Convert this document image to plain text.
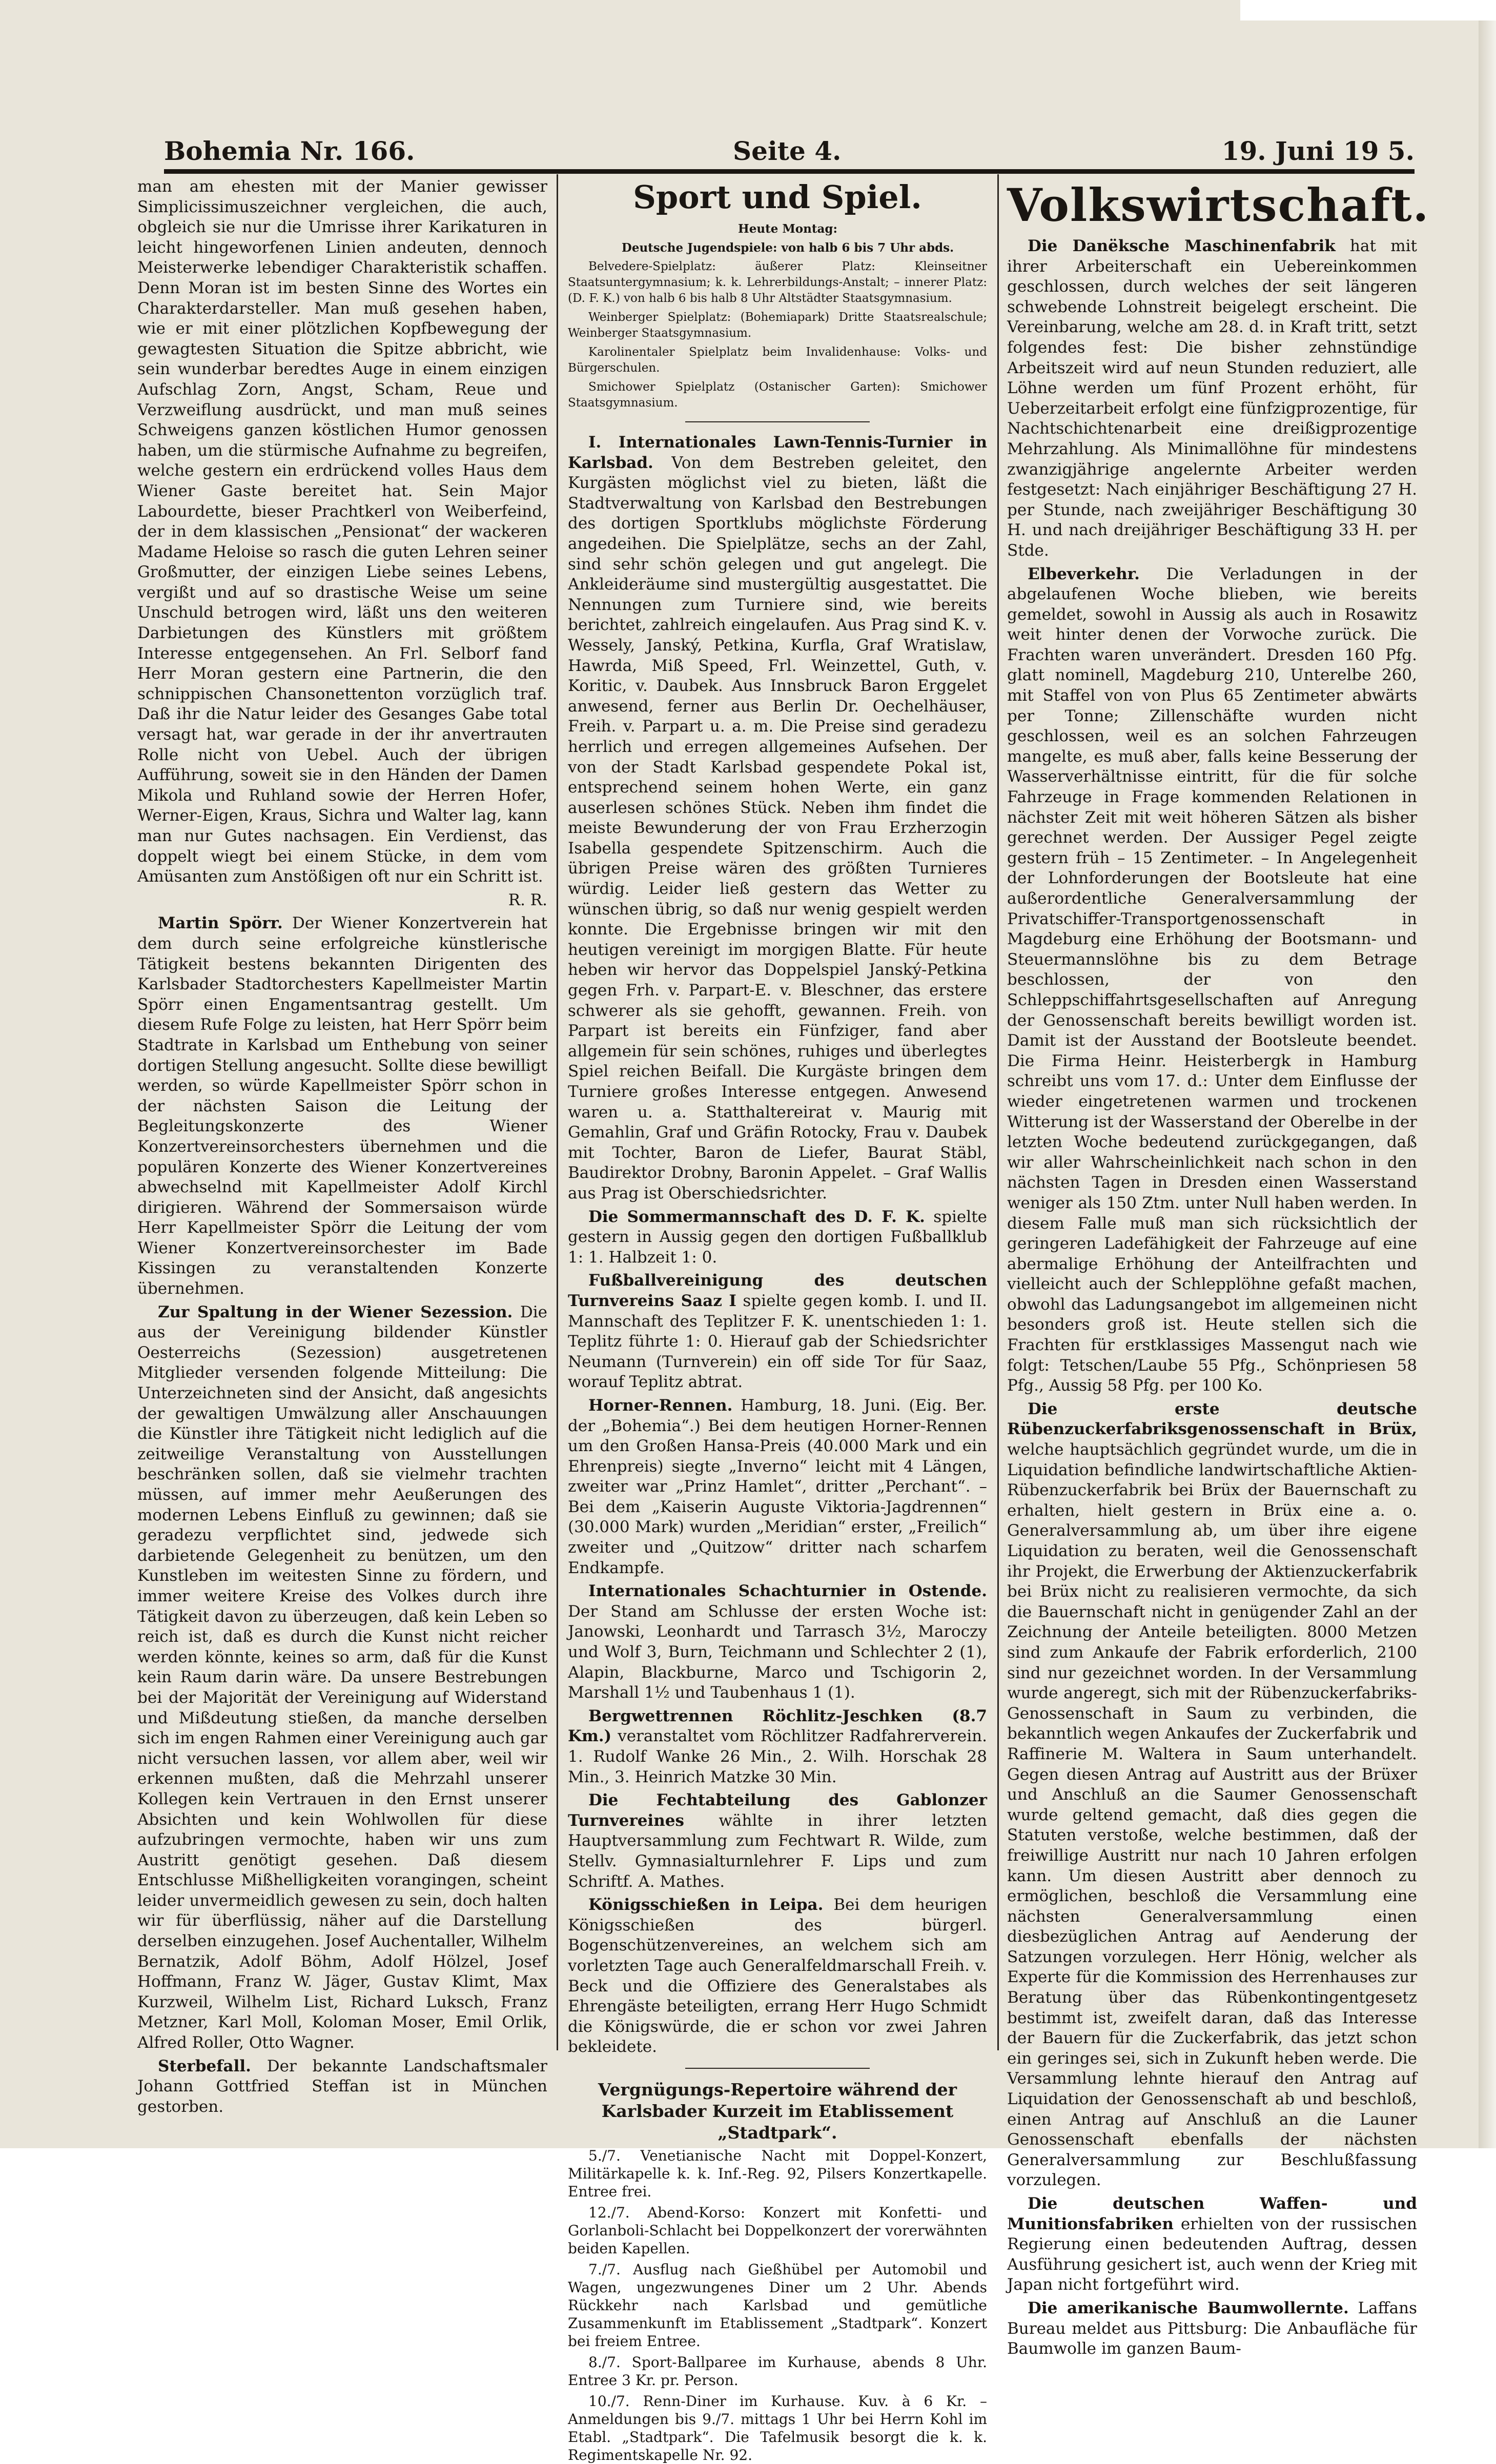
Bohemia Nr. 166.	Seite 4.	19. Juni 19 5.

man am ehesten mit der Manier gewisser Simplicissimuszeichner vergleichen, die auch, obgleich sie nur die Umrisse ihrer Karikaturen in leicht hingeworfenen Linien andeuten, dennoch Meisterwerke lebendiger Charakteristik schaffen. Denn Moran ist im besten Sinne des Wortes ein Charakterdarsteller. Man muß gesehen haben, wie er mit einer plötzlichen Kopfbewegung der gewagtesten Situation die Spitze abbricht, wie sein wunderbar beredtes Auge in einem einzigen Aufschlag Zorn, Angst, Scham, Reue und Verzweiflung ausdrückt, und man muß seines Schweigens ganzen köstlichen Humor genossen haben, um die stürmische Aufnahme zu begreifen, welche gestern ein erdrückend volles Haus dem Wiener Gaste bereitet hat. Sein Major Labourdette, bieser Prachtkerl von Weiberfeind, der in dem klassischen „Pensionat“ der wackeren Madame Heloise so rasch die guten Lehren seiner Großmutter, der einzigen Liebe seines Lebens, vergißt und auf so drastische Weise um seine Unschuld betrogen wird, läßt uns den weiteren Darbietungen des Künstlers mit größtem Interesse entgegensehen. An Frl. Selborf fand Herr Moran gestern eine Partnerin, die den schnippischen Chansonettenton vorzüglich traf. Daß ihr die Natur leider des Gesanges Gabe total versagt hat, war gerade in der ihr anvertrauten Rolle nicht von Uebel. Auch der übrigen Aufführung, soweit sie in den Händen der Damen Mikola und Ruhland sowie der Herren Hofer, Werner-Eigen, Kraus, Sichra und Walter lag, kann man nur Gutes nachsagen. Ein Verdienst, das doppelt wiegt bei einem Stücke, in dem vom Amüsanten zum Anstößigen oft nur ein Schritt ist.

R. R.

Martin Spörr. Der Wiener Konzertverein hat dem durch seine erfolgreiche künstlerische Tätigkeit bestens bekannten Dirigenten des Karlsbader Stadtorchesters Kapellmeister Martin Spörr einen Engamentsantrag gestellt. Um diesem Rufe Folge zu leisten, hat Herr Spörr beim Stadtrate in Karlsbad um Enthebung von seiner dortigen Stellung angesucht. Sollte diese bewilligt werden, so würde Kapellmeister Spörr schon in der nächsten Saison die Leitung der Begleitungskonzerte des Wiener Konzertvereinsorchesters übernehmen und die populären Konzerte des Wiener Konzertvereines abwechselnd mit Kapellmeister Adolf Kirchl dirigieren. Während der Sommersaison würde Herr Kapellmeister Spörr die Leitung der vom Wiener Konzertvereinsorchester im Bade Kissingen zu veranstaltenden Konzerte übernehmen.

Zur Spaltung in der Wiener Sezession. Die aus der Vereinigung bildender Künstler Oesterreichs (Sezession) ausgetretenen Mitglieder versenden folgende Mitteilung: Die Unterzeichneten sind der Ansicht, daß angesichts der gewaltigen Umwälzung aller Anschauungen die Künstler ihre Tätigkeit nicht lediglich auf die zeitweilige Veranstaltung von Ausstellungen beschränken sollen, daß sie vielmehr trachten müssen, auf immer mehr Aeußerungen des modernen Lebens Einfluß zu gewinnen; daß sie geradezu verpflichtet sind, jedwede sich darbietende Gelegenheit zu benützen, um den Kunstleben im weitesten Sinne zu fördern, und immer weitere Kreise des Volkes durch ihre Tätigkeit davon zu überzeugen, daß kein Leben so reich ist, daß es durch die Kunst nicht reicher werden könnte, keines so arm, daß für die Kunst kein Raum darin wäre. Da unsere Bestrebungen bei der Majorität der Vereinigung auf Widerstand und Mißdeutung stießen, da manche derselben sich im engen Rahmen einer Vereinigung auch gar nicht versuchen lassen, vor allem aber, weil wir erkennen mußten, daß die Mehrzahl unserer Kollegen kein Vertrauen in den Ernst unserer Absichten und kein Wohlwollen für diese aufzubringen vermochte, haben wir uns zum Austritt genötigt gesehen. Daß diesem Entschlusse Mißhelligkeiten vorangingen, scheint leider unvermeidlich gewesen zu sein, doch halten wir für überflüssig, näher auf die Darstellung derselben einzugehen. Josef Auchentaller, Wilhelm Bernatzik, Adolf Böhm, Adolf Hölzel, Josef Hoffmann, Franz W. Jäger, Gustav Klimt, Max Kurzweil, Wilhelm List, Richard Luksch, Franz Metzner, Karl Moll, Koloman Moser, Emil Orlik, Alfred Roller, Otto Wagner.

Sterbefall. Der bekannte Landschaftsmaler Johann Gottfried Steffan ist in München gestorben.

Sport und Spiel.

Heute Montag:

Deutsche Jugendspiele: von halb 6 bis 7 Uhr abds.

Belvedere-Spielplatz: äußerer Platz: Kleinseitner Staatsuntergymnasium; k. k. Lehrerbildungs-Anstalt; – innerer Platz: (D. F. K.) von halb 6 bis halb 8 Uhr Altstädter Staatsgymnasium.

Weinberger Spielplatz: (Bohemiapark) Dritte Staatsrealschule; Weinberger Staatsgymnasium.

Karolinentaler Spielplatz beim Invalidenhause: Volks- und Bürgerschulen.

Smichower Spielplatz (Ostanischer Garten): Smichower Staatsgymnasium.

I. Internationales Lawn-Tennis-Turnier in Karlsbad. Von dem Bestreben geleitet, den Kurgästen möglichst viel zu bieten, läßt die Stadtverwaltung von Karlsbad den Bestrebungen des dortigen Sportklubs möglichste Förderung angedeihen. Die Spielplätze, sechs an der Zahl, sind sehr schön gelegen und gut angelegt. Die Ankleideräume sind mustergültig ausgestattet. Die Nennungen zum Turniere sind, wie bereits berichtet, zahlreich eingelaufen. Aus Prag sind K. v. Wessely, Janský, Petkina, Kurfla, Graf Wratislaw, Hawrda, Miß Speed, Frl. Weinzettel, Guth, v. Koritic, v. Daubek. Aus Innsbruck Baron Erggelet anwesend, ferner aus Berlin Dr. Oechelhäuser, Freih. v. Parpart u. a. m. Die Preise sind geradezu herrlich und erregen allgemeines Aufsehen. Der von der Stadt Karlsbad gespendete Pokal ist, entsprechend seinem hohen Werte, ein ganz auserlesen schönes Stück. Neben ihm findet die meiste Bewunderung der von Frau Erzherzogin Isabella gespendete Spitzenschirm. Auch die übrigen Preise wären des größten Turnieres würdig. Leider ließ gestern das Wetter zu wünschen übrig, so daß nur wenig gespielt werden konnte. Die Ergebnisse bringen wir mit den heutigen vereinigt im morgigen Blatte. Für heute heben wir hervor das Doppelspiel Janský-Petkina gegen Frh. v. Parpart-E. v. Bleschner, das ersterе schwerer als sie gehofft, gewannen. Freih. von Parpart ist bereits ein Fünfziger, fand aber allgemein für sein schönes, ruhiges und überlegtes Spiel reichen Beifall. Die Kurgäste bringen dem Turniere großes Interesse entgegen. Anwesend waren u. a. Statthaltereirat v. Maurig mit Gemahlin, Graf und Gräfin Rotocky, Frau v. Daubek mit Tochter, Baron de Liefer, Baurat Stäbl, Baudirektor Drobny, Baronin Appelet. – Graf Wallis aus Prag ist Oberschiedsrichter.

Die Sommermannschaft des D. F. K. spielte gestern in Aussig gegen den dortigen Fußballklub 1: 1. Halbzeit 1: 0.

Fußballvereinigung des deutschen Turnvereins Saaz I spielte gegen komb. I. und II. Mannschaft des Teplitzer F. K. unentschieden 1: 1. Teplitz führte 1: 0. Hierauf gab der Schiedsrichter Neumann (Turnverein) ein off side Tor für Saaz, worauf Teplitz abtrat.

Horner-Rennen. Hamburg, 18. Juni. (Eig. Ber. der „Bohemia“.) Bei dem heutigen Horner-Rennen um den Großen Hansa-Preis (40.000 Mark und ein Ehrenpreis) siegte „Inverno“ leicht mit 4 Längen, zweiter war „Prinz Hamlet“, dritter „Perchant“. – Bei dem „Kaiserin Auguste Viktoria-Jagdrennen“ (30.000 Mark) wurden „Meridian“ erster, „Freilich“ zweiter und „Quitzow“ dritter nach scharfem Endkampfe.

Internationales Schachturnier in Ostende. Der Stand am Schlusse der ersten Woche ist: Janowski, Leonhardt und Tarrasch 3½, Maroczy und Wolf 3, Burn, Teichmann und Schlechter 2 (1), Alapin, Blackburne, Marco und Tschigorin 2, Marshall 1½ und Taubenhaus 1 (1).

Bergwettrennen Röchlitz-Jeschken (8.7 Km.) veranstaltet vom Röchlitzer Radfahrerverein. 1. Rudolf Wanke 26 Min., 2. Wilh. Horschak 28 Min., 3. Heinrich Matzke 30 Min.

Die Fechtabteilung des Gablonzer Turnvereines wählte in ihrer letzten Hauptversammlung zum Fechtwart R. Wilde, zum Stellv. Gymnasialturnlehrer F. Lips und zum Schriftf. A. Mathes.

Königsschießen in Leipa. Bei dem heurigen Königsschießen des bürgerl. Bogenschützenvereines, an welchem sich am vorletzten Tage auch Generalfeldmarschall Freih. v. Beck und die Offiziere des Generalstabes als Ehrengäste beteiligten, errang Herr Hugo Schmidt die Königswürde, die er schon vor zwei Jahren bekleidete.

Vergnügungs-Repertoire während der Karlsbader Kurzeit im Etablissement „Stadtpark“.

5./7. Venetianische Nacht mit Doppel-Konzert, Militärkapelle k. k. Inf.-Reg. 92, Pilsers Konzertkapelle. Entree frei.

12./7. Abend-Korso: Konzert mit Konfetti- und Gorlanboli-Schlacht bei Doppelkonzert der vorerwähnten beiden Kapellen.

7./7. Ausflug nach Gießhübel per Automobil und Wagen, ungezwungenes Diner um 2 Uhr. Abends Rückkehr nach Karlsbad und gemütliche Zusammenkunft im Etablissement „Stadtpark“. Konzert bei freiem Entree.

8./7. Sport-Ballparee im Kurhause, abends 8 Uhr. Entree 3 Kr. pr. Person.

10./7. Renn-Diner im Kurhause. Kuv. à 6 Kr. – Anmeldungen bis 9./7. mittags 1 Uhr bei Herrn Kohl im Etabl. „Stadtpark“. Die Tafelmusik besorgt die k. k. Regimentskapelle Nr. 92.

Volkswirtschaft.

Die Danëksche Maschinenfabrik hat mit ihrer Arbeiterschaft ein Uebereinkommen geschlossen, durch welches der seit längeren schwebende Lohnstreit beigelegt erscheint. Die Vereinbarung, welche am 28. d. in Kraft tritt, setzt folgendes fest: Die bisher zehnstündige Arbeitszeit wird auf neun Stunden reduziert, alle Löhne werden um fünf Prozent erhöht, für Ueberzeitarbeit erfolgt eine fünfzigprozentige, für Nachtschichtenarbeit eine dreißigprozentige Mehrzahlung. Als Minimallöhne für mindestens zwanzigjährige angelernte Arbeiter werden festgesetzt: Nach einjähriger Beschäftigung 27 H. per Stunde, nach zweijähriger Beschäftigung 30 H. und nach dreijähriger Beschäftigung 33 H. per Stde.

Elbeverkehr. Die Verladungen in der abgelaufenen Woche blieben, wie bereits gemeldet, sowohl in Aussig als auch in Rosawitz weit hinter denen der Vorwoche zurück. Die Frachten waren unverändert. Dresden 160 Pfg. glatt nominell, Magdeburg 210, Unterelbe 260, mit Staffel von von Plus 65 Zentimeter abwärts per Tonne; Zillenschäfte wurden nicht geschlossen, weil es an solchen Fahrzeugen mangelte, es muß aber, falls keine Besserung der Wasserverhältnisse eintritt, für die für solche Fahrzeuge in Frage kommenden Relationen in nächster Zeit mit weit höheren Sätzen als bisher gerechnet werden. Der Aussiger Pegel zeigte gestern früh – 15 Zentimeter. – In Angelegenheit der Lohnforderungen der Bootsleute hat eine außerordentliche Generalversammlung der Privatschiffer-Transportgenossenschaft in Magdeburg eine Erhöhung der Bootsmann- und Steuermannslöhne bis zu dem Betrage beschlossen, der von den Schleppschiffahrtsgesellschaften auf Anregung der Genossenschaft bereits bewilligt worden ist. Damit ist der Ausstand der Bootsleute beendet. Die Firma Heinr. Heisterbergk in Hamburg schreibt uns vom 17. d.: Unter dem Einflusse der wieder eingetretenen warmen und trockenen Witterung ist der Wasserstand der Oberelbe in der letzten Woche bedeutend zurückgegangen, daß wir aller Wahrscheinlichkeit nach schon in den nächsten Tagen in Dresden einen Wasserstand weniger als 150 Ztm. unter Null haben werden. In diesem Falle muß man sich rücksichtlich der geringeren Ladefähigkeit der Fahrzeuge auf eine abermalige Erhöhung der Anteilfrachten und vielleicht auch der Schlepplöhne gefaßt machen, obwohl das Ladungsangebot im allgemeinen nicht besonders groß ist. Heute stellen sich die Frachten für erstklassiges Massengut nach wie folgt: Tetschen/Laube 55 Pfg., Schönpriesen 58 Pfg., Aussig 58 Pfg. per 100 Ko.

Die erste deutsche Rübenzuckerfabriksgenossenschaft in Brüx, welche hauptsächlich gegründet wurde, um die in Liquidation befindliche landwirtschaftliche Aktien-Rübenzuckerfabrik bei Brüx der Bauernschaft zu erhalten, hielt gestern in Brüx eine a. o. Generalversammlung ab, um über ihre eigene Liquidation zu beraten, weil die Genossenschaft ihr Projekt, die Erwerbung der Aktienzuckerfabrik bei Brüx nicht zu realisieren vermochte, da sich die Bauernschaft nicht in genügender Zahl an der Zeichnung der Anteile beteiligten. 8000 Metzen sind zum Ankaufe der Fabrik erforderlich, 2100 sind nur gezeichnet worden. In der Versammlung wurde angeregt, sich mit der Rübenzuckerfabriks-Genossenschaft in Saum zu verbinden, die bekanntlich wegen Ankaufes der Zuckerfabrik und Raffinerie M. Waltera in Saum unterhandelt. Gegen diesen Antrag auf Austritt aus der Brüxer und Anschluß an die Saumer Genossenschaft wurde geltend gemacht, daß dies gegen die Statuten verstoße, welche bestimmen, daß der freiwillige Austritt nur nach 10 Jahren erfolgen kann. Um diesen Austritt aber dennoch zu ermöglichen, beschloß die Versammlung eine nächsten Generalversammlung einen diesbezüglichen Antrag auf Aenderung der Satzungen vorzulegen. Herr Hönig, welcher als Experte für die Kommission des Herrenhauses zur Beratung über das Rübenkontingentgesetz bestimmt ist, zweifelt daran, daß das Interesse der Bauern für die Zuckerfabrik, das jetzt schon ein geringes sei, sich in Zukunft heben werde. Die Versammlung lehnte hierauf den Antrag auf Liquidation der Genossenschaft ab und beschloß, einen Antrag auf Anschluß an die Launer Genossenschaft ebenfalls der nächsten Generalversammlung zur Beschlußfassung vorzulegen.

Die deutschen Waffen- und Munitionsfabriken erhielten von der russischen Regierung einen bedeutenden Auftrag, dessen Ausführung gesichert ist, auch wenn der Krieg mit Japan nicht fortgeführt wird.

Die amerikanische Baumwollernte. Laffans Bureau meldet aus Pittsburg: Die Anbaufläche für Baumwolle im ganzen Baum-
